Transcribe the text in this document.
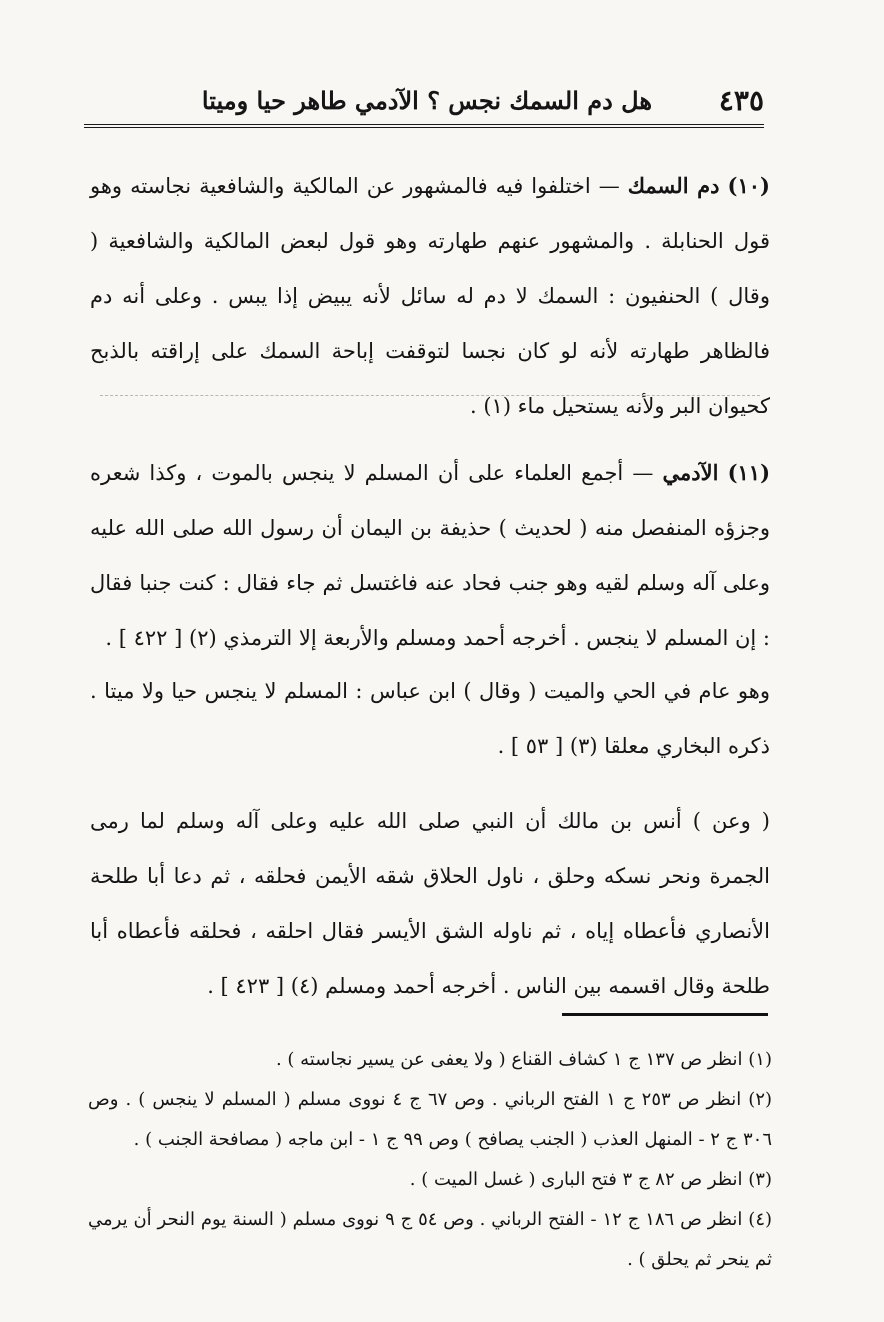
٤٣٥
هل دم السمك نجس ؟ الآدمي طاهر حيا وميتا

(١٠) دم السمك — اختلفوا فيه فالمشهور عن المالكية والشافعية نجاسته وهو قول الحنابلة . والمشهور عنهم طهارته وهو قول لبعض المالكية والشافعية ( وقال ) الحنفيون : السمك لا دم له سائل لأنه يبيض إذا يبس . وعلى أنه دم فالظاهر طهارته لأنه لو كان نجسا لتوقفت إباحة السمك على إراقته بالذبح كحيوان البر ولأنه يستحيل ماء (١) .

(١١) الآدمي — أجمع العلماء على أن المسلم لا ينجس بالموت ، وكذا شعره وجزؤه المنفصل منه ( لحديث ) حذيفة بن اليمان أن رسول الله صلى الله عليه وعلى آله وسلم لقيه وهو جنب فحاد عنه فاغتسل ثم جاء فقال : كنت جنبا فقال : إن المسلم لا ينجس . أخرجه أحمد ومسلم والأربعة إلا الترمذي (٢) [ ٤٢٢ ] .

وهو عام في الحي والميت ( وقال ) ابن عباس : المسلم لا ينجس حيا ولا ميتا . ذكره البخاري معلقا (٣) [ ٥٣ ] .

( وعن ) أنس بن مالك أن النبي صلى الله عليه وعلى آله وسلم لما رمى الجمرة ونحر نسكه وحلق ، ناول الحلاق شقه الأيمن فحلقه ، ثم دعا أبا طلحة الأنصاري فأعطاه إياه ، ثم ناوله الشق الأيسر فقال احلقه ، فحلقه فأعطاه أبا طلحة وقال اقسمه بين الناس . أخرجه أحمد ومسلم (٤) [ ٤٢٣ ] .

(١) انظر ص ١٣٧ ج ١ كشاف القناع ( ولا يعفى عن يسير نجاسته ) .

(٢) انظر ص ٢٥٣ ج ١ الفتح الرباني . وص ٦٧ ج ٤ نووى مسلم ( المسلم لا ينجس ) . وص ٣٠٦ ج ٢ - المنهل العذب ( الجنب يصافح ) وص ٩٩ ج ١ - ابن ماجه ( مصافحة الجنب ) .

(٣) انظر ص ٨٢ ج ٣ فتح البارى ( غسل الميت ) .

(٤) انظر ص ١٨٦ ج ١٢ - الفتح الرباني . وص ٥٤ ج ٩ نووى مسلم ( السنة يوم النحر أن يرمي ثم ينحر ثم يحلق ) .
